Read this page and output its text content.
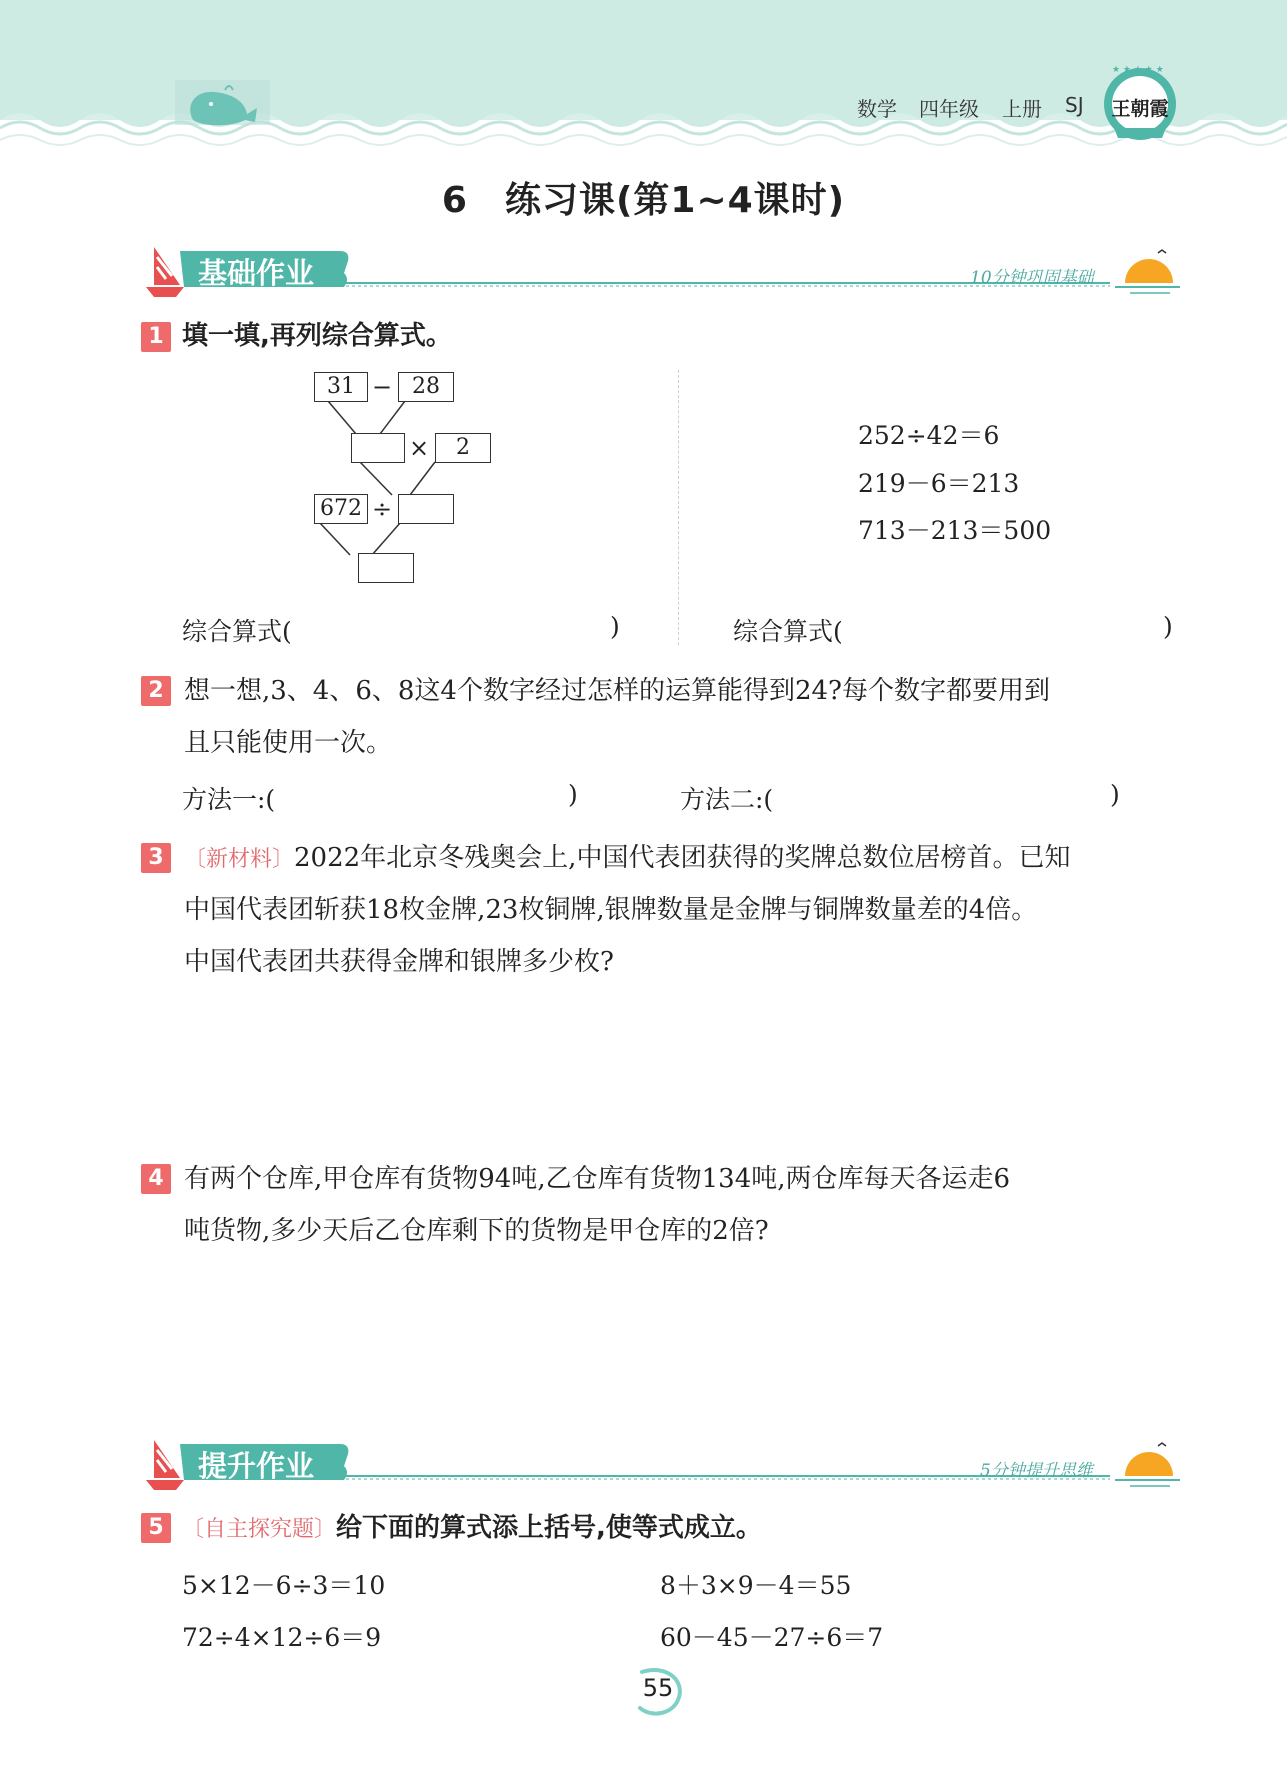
数学 四年级 上册 SJ
★ ★ ★ ★ ★
王朝霞
6　练习课(第1~4课时)
基础作业	10分钟巩固基础
1 填一填,再列综合算式。
31 − 28
×	2
672 ÷
252÷42＝6
219－6＝213
713－213＝500
综合算式(	)	综合算式(	)
2 想一想,3、4、6、8这4个数字经过怎样的运算能得到24?每个数字都要用到
且只能使用一次。
方法一:(	)	方法二:(	)
3 〔新材料〕2022年北京冬残奥会上,中国代表团获得的奖牌总数位居榜首。已知
中国代表团斩获18枚金牌,23枚铜牌,银牌数量是金牌与铜牌数量差的4倍。
中国代表团共获得金牌和银牌多少枚?
4 有两个仓库,甲仓库有货物94吨,乙仓库有货物134吨,两仓库每天各运走6
吨货物,多少天后乙仓库剩下的货物是甲仓库的2倍?
提升作业	5分钟提升思维
5 〔自主探究题〕给下面的算式添上括号,使等式成立。
5×12－6÷3＝10	8＋3×9－4＝55
72÷4×12÷6＝9	60－45－27÷6＝7
55
